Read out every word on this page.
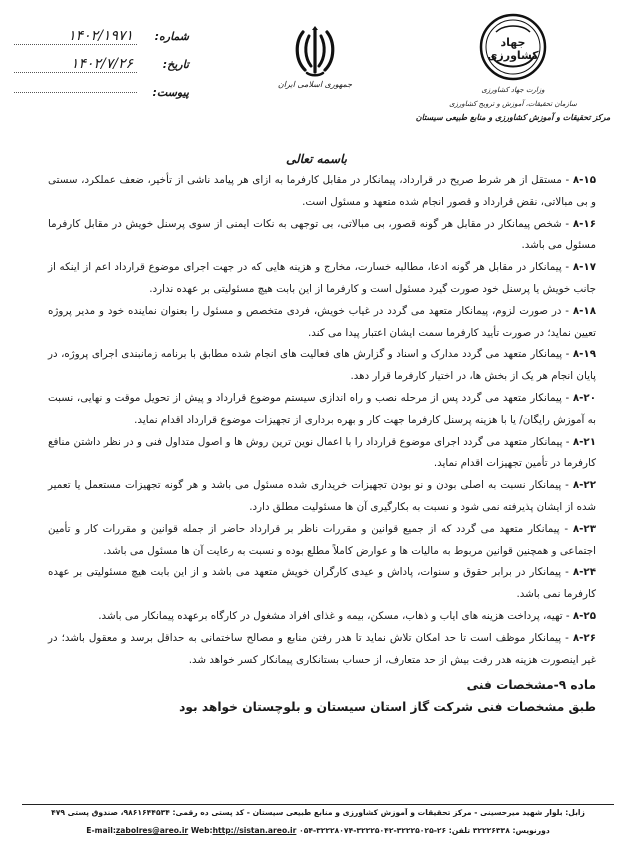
شماره:
۱۴۰۲/۱۹۷۱
تاریخ:
۱۴۰۲/۷/۲۶
پیوست:
جمهوری اسلامی ایران
جهاد کشاورزی
وزارت جهاد کشاورزی
سازمان تحقیقات، آموزش و ترویج کشاورزی
مرکز تحقیقات و آموزش کشاورزی و منابع طبیعی سیستان
باسمه تعالی

۸-۱۵ - مستقل از هر شرط صریح در قرارداد، پیمانکار در مقابل کارفرما به ازای هر پیامد ناشی از تأخیر، ضعف عملکرد، سستی و بی مبالاتی، نقض قرارداد و قصور انجام شده متعهد و مسئول است.

۸-۱۶ - شخص پیمانکار در مقابل هر گونه قصور، بی مبالاتی، بی توجهی به نکات ایمنی از سوی پرسنل خویش در مقابل کارفرما مسئول می باشد.

۸-۱۷ - پیمانکار در مقابل هر گونه ادعا، مطالبه خسارت، مخارج و هزینه هایی که در جهت اجرای موضوع قرارداد اعم از اینکه از جانب خویش یا پرسنل خود صورت گیرد مسئول است و کارفرما از این بابت هیچ مسئولیتی بر عهده ندارد.

۸-۱۸ - در صورت لزوم، پیمانکار متعهد می گردد در غیاب خویش، فردی متخصص و مسئول را بعنوان نماینده خود و مدیر پروژه تعیین نماید؛ در صورت تأیید کارفرما سمت ایشان اعتبار پیدا می کند.

۸-۱۹ - پیمانکار متعهد می گردد مدارک و اسناد و گزارش های فعالیت های انجام شده مطابق با برنامه زمانبندی اجرای پروژه، در پایان انجام هر یک از بخش ها، در اختیار کارفرما قرار دهد.

۸-۲۰ - پیمانکار متعهد می گردد پس از مرحله نصب و راه اندازی سیستم موضوع قرارداد و پیش از تحویل موقت و نهایی، نسبت به آموزش رایگان/ یا با هزینه پرسنل کارفرما جهت کار و بهره برداری از تجهیزات موضوع قرارداد اقدام نماید.

۸-۲۱ - پیمانکار متعهد می گردد اجرای موضوع قرارداد را با اعمال نوین ترین روش ها و اصول متداول فنی و در نظر داشتن منافع کارفرما در تأمین تجهیزات اقدام نماید.

۸-۲۲ - پیمانکار نسبت به اصلی بودن و نو بودن تجهیزات خریداری شده مسئول می باشد و هر گونه تجهیزات مستعمل یا تعمیر شده از ایشان پذیرفته نمی شود و نسبت به بکارگیری آن ها مسئولیت مطلق دارد.

۸-۲۳ - پیمانکار متعهد می گردد که از جمیع قوانین و مقررات ناظر بر قرارداد حاضر از جمله قوانین و مقررات کار و تأمین اجتماعی و همچنین قوانین مربوط به مالیات ها و عوارض کاملاً مطلع بوده و نسبت به رعایت آن ها مسئول می باشد.

۸-۲۴ - پیمانکار در برابر حقوق و سنوات، پاداش و عیدی کارگران خویش متعهد می باشد و از این بابت هیچ مسئولیتی بر عهده کارفرما نمی باشد.

۸-۲۵ - تهیه، پرداخت هزینه های ایاب و ذهاب، مسکن، بیمه و غذای افراد مشغول در کارگاه برعهده پیمانکار می باشد.

۸-۲۶ - پیمانکار موظف است تا حد امکان تلاش نماید تا هدر رفتن منابع و مصالح ساختمانی به حداقل برسد و معقول باشد؛ در غیر اینصورت هزینه هدر رفت بیش از حد متعارف، از حساب بستانکاری پیمانکار کسر خواهد شد.

ماده ۹-مشخصات فنی
طبق مشخصات فنی شرکت گاز استان سیستان و بلوچستان خواهد بود
زابل: بلوار شهید میرحسینی - مرکز تحقیقات و آموزش کشاورزی و منابع طبیعی سیستان - کد پستی ده رقمی: ۹۸۶۱۶۴۴۵۳۴، صندوق پستی ۴۷۹
دورنویس: ۳۲۲۲۶۳۳۸ تلفن: ۲۶-۳۲۲۲۵۰۲۵-۳۲۲۲۵۰۴۲-۳۲۲۲۸۰۷۴-۰۵۴ E-mail:zabolres@areo.ir Web:http://sistan.areo.ir
